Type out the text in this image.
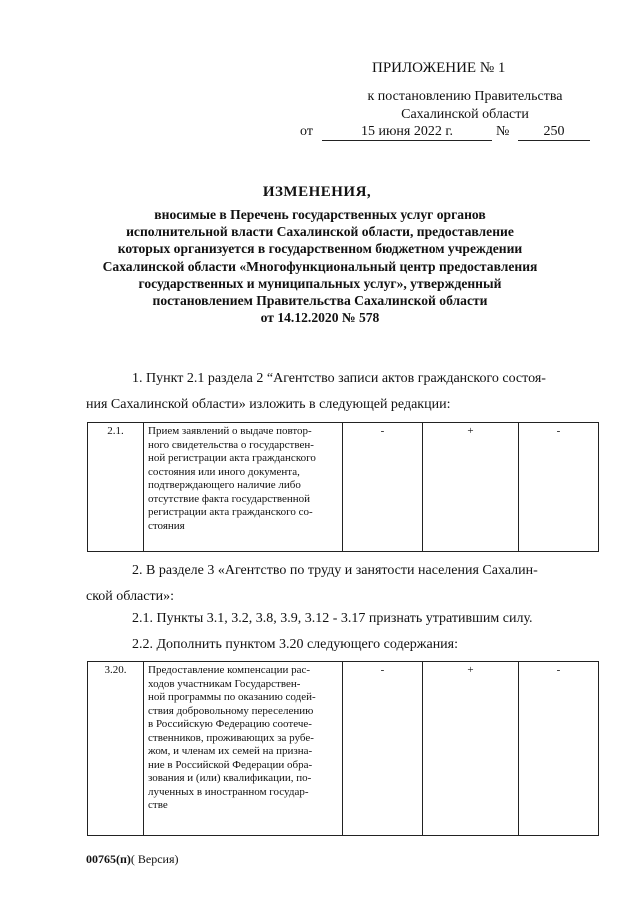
ПРИЛОЖЕНИЕ № 1
к постановлению Правительства
Сахалинской области
от	15 июня 2022 г.	№	250
ИЗМЕНЕНИЯ,
вносимые в Перечень государственных услуг органов
исполнительной власти Сахалинской области, предоставление
которых организуется в государственном бюджетном учреждении
Сахалинской области «Многофункциональный центр предоставления
государственных и муниципальных услуг», утвержденный
постановлением Правительства Сахалинской области
от 14.12.2020 № 578
1. Пункт 2.1 раздела 2 “Агентство записи актов гражданского состоя-
ния Сахалинской области» изложить в следующей редакции:
2.1.	Прием заявлений о выдаче повтор-
ного свидетельства о государствен-
ной регистрации акта гражданского
состояния или иного документа,
подтверждающего наличие либо
отсутствие факта государственной
регистрации акта гражданского со-
стояния
	-	+	-
2. В разделе 3 «Агентство по труду и занятости населения Сахалин-
ской области»:
2.1. Пункты 3.1, 3.2, 3.8, 3.9, 3.12 - 3.17 признать утратившим силу.
2.2. Дополнить пунктом 3.20 следующего содержания:
3.20.	Предоставление компенсации рас-
ходов участникам Государствен-
ной программы по оказанию содей-
ствия добровольному переселению
в Российскую Федерацию соотече-
ственников, проживающих за рубе-
жом, и членам их семей на призна-
ние в Российской Федерации обра-
зования и (или) квалификации, по-
лученных в иностранном государ-
стве
	-	+	-
00765(п)( Версия)
